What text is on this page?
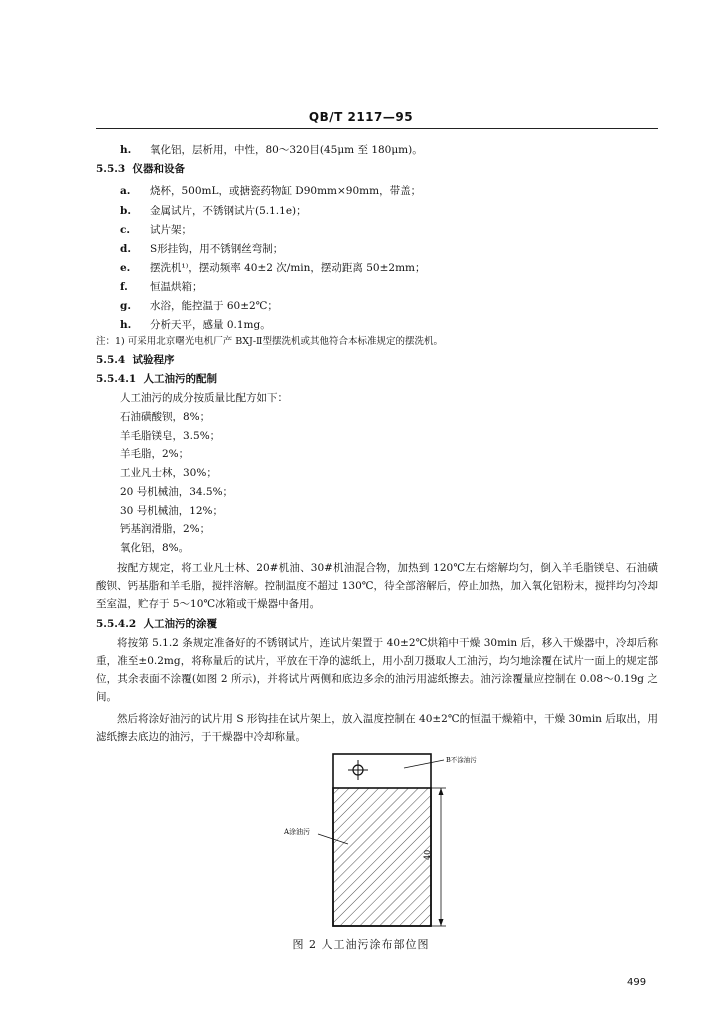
QB/T 2117—95
h. 氧化铝，层析用，中性，80～320目(45μm 至 180μm)。
5.5.3 仪器和设备
a. 烧杯，500mL，或搪瓷药物缸 D90mm×90mm，带盖；
b. 金属试片，不锈钢试片(5.1.1e)；
c. 试片架；
d. S形挂钩，用不锈钢丝弯制；
e. 摆洗机¹⁾，摆动频率 40±2 次/min，摆动距离 50±2mm；
f. 恒温烘箱；
g. 水浴，能控温于 60±2℃；
h. 分析天平，感量 0.1mg。
注：1) 可采用北京曙光电机厂产 BXJ-Ⅱ型摆洗机或其他符合本标准规定的摆洗机。
5.5.4 试验程序
5.5.4.1 人工油污的配制
人工油污的成分按质量比配方如下：
石油磺酸钡，8%；
羊毛脂镁皂，3.5%；
羊毛脂，2%；
工业凡士林，30%；
20 号机械油，34.5%；
30 号机械油，12%；
钙基润滑脂，2%；
氧化铝，8%。
按配方规定，将工业凡士林、20#机油、30#机油混合物，加热到 120℃左右熔解均匀，倒入羊毛脂镁皂、石油磺酸钡、钙基脂和羊毛脂，搅拌溶解。控制温度不超过 130℃，待全部溶解后，停止加热，加入氧化铝粉末，搅拌均匀冷却至室温，贮存于 5～10℃冰箱或干燥器中备用。
5.5.4.2 人工油污的涂覆
将按第 5.1.2 条规定准备好的不锈钢试片，连试片架置于 40±2℃烘箱中干燥 30min 后，移入干燥器中，冷却后称重，准至±0.2mg，将称量后的试片，平放在干净的滤纸上，用小刮刀摄取人工油污，均匀地涂覆在试片一面上的规定部位，其余表面不涂覆(如图 2 所示)，并将试片两侧和底边多余的油污用滤纸擦去。油污涂覆量应控制在 0.08～0.19g 之间。
然后将涂好油污的试片用 S 形钩挂在试片架上，放入温度控制在 40±2℃的恒温干燥箱中，干燥 30min 后取出，用滤纸擦去底边的油污，于干燥器中冷却称量。
B不涂油污
A涂油污
40
图 2 人工油污涂布部位图
499
